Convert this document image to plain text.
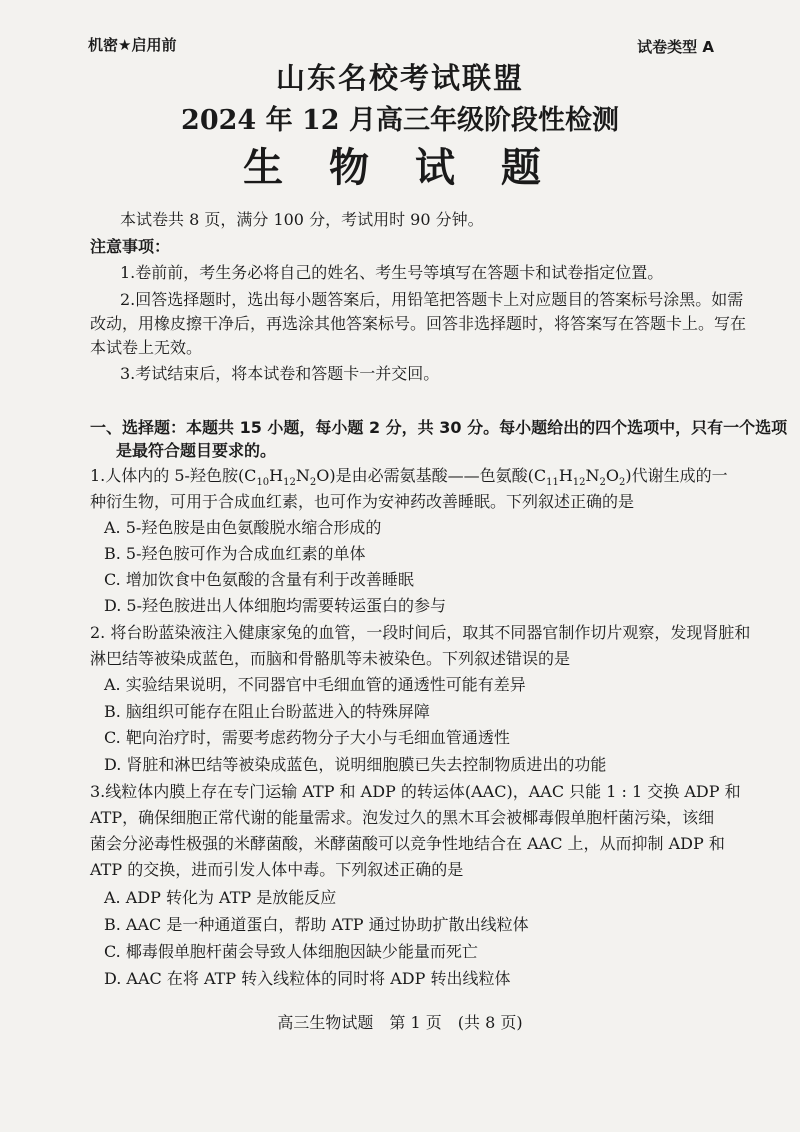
机密★启用前	试卷类型 A
山东名校考试联盟
2024 年 12 月高三年级阶段性检测
生 物 试 题
本试卷共 8 页，满分 100 分，考试用时 90 分钟。
注意事项：
1.卷前前，考生务必将自己的姓名、考生号等填写在答题卡和试卷指定位置。
2.回答选择题时，选出每小题答案后，用铅笔把答题卡上对应题目的答案标号涂黑。如需
改动，用橡皮擦干净后，再选涂其他答案标号。回答非选择题时，将答案写在答题卡上。写在
本试卷上无效。
3.考试结束后，将本试卷和答题卡一并交回。
一、选择题：本题共 15 小题，每小题 2 分，共 30 分。每小题给出的四个选项中，只有一个选项
是最符合题目要求的。
1.人体内的 5-羟色胺$(C_{10}H_{12}N_2O)$是由必需氨基酸——色氨酸$(C_{11}H_{12}N_2O_2)$代谢生成的一
种衍生物，可用于合成血红素，也可作为安神药改善睡眠。下列叙述正确的是
A. 5-羟色胺是由色氨酸脱水缩合形成的
B. 5-羟色胺可作为合成血红素的单体
C. 增加饮食中色氨酸的含量有利于改善睡眠
D. 5-羟色胺进出人体细胞均需要转运蛋白的参与
2. 将台盼蓝染液注入健康家兔的血管，一段时间后，取其不同器官制作切片观察，发现肾脏和
淋巴结等被染成蓝色，而脑和骨骼肌等未被染色。下列叙述错误的是
A. 实验结果说明，不同器官中毛细血管的通透性可能有差异
B. 脑组织可能存在阻止台盼蓝进入的特殊屏障
C. 靶向治疗时，需要考虑药物分子大小与毛细血管通透性
D. 肾脏和淋巴结等被染成蓝色，说明细胞膜已失去控制物质进出的功能
3.线粒体内膜上存在专门运输 ATP 和 ADP 的转运体(AAC)，AAC 只能 1 : 1 交换 ADP 和
ATP，确保细胞正常代谢的能量需求。泡发过久的黑木耳会被椰毒假单胞杆菌污染，该细
菌会分泌毒性极强的米酵菌酸，米酵菌酸可以竞争性地结合在 AAC 上，从而抑制 ADP 和
ATP 的交换，进而引发人体中毒。下列叙述正确的是
A. ADP 转化为 ATP 是放能反应
B. AAC 是一种通道蛋白，帮助 ATP 通过协助扩散出线粒体
C. 椰毒假单胞杆菌会导致人体细胞因缺少能量而死亡
D. AAC 在将 ATP 转入线粒体的同时将 ADP 转出线粒体
高三生物试题　第 1 页　(共 8 页)
